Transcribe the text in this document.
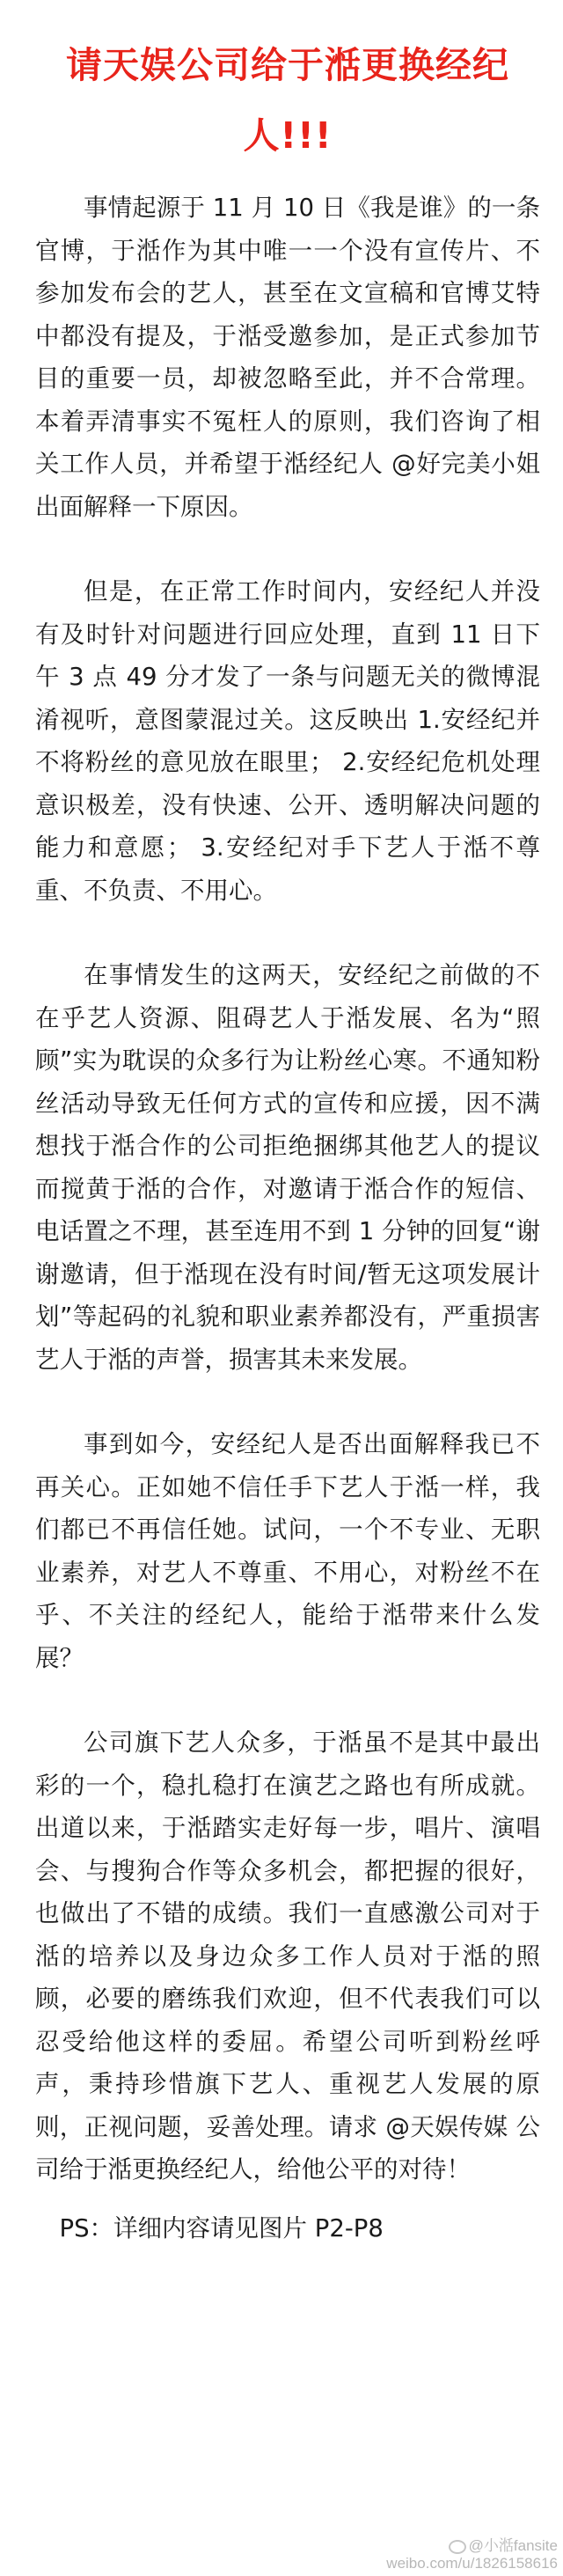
请天娱公司给于湉更换经纪
人!!!

事情起源于 11 月 10 日《我是谁》的一条官博，于湉作为其中唯一一个没有宣传片、不参加发布会的艺人，甚至在文宣稿和官博艾特中都没有提及，于湉受邀参加，是正式参加节目的重要一员，却被忽略至此，并不合常理。本着弄清事实不冤枉人的原则，我们咨询了相关工作人员，并希望于湉经纪人 @好完美小姐 出面解释一下原因。

但是，在正常工作时间内，安经纪人并没有及时针对问题进行回应处理，直到 11 日下午 3 点 49 分才发了一条与问题无关的微博混淆视听，意图蒙混过关。这反映出 1.安经纪并不将粉丝的意见放在眼里； 2.安经纪危机处理意识极差，没有快速、公开、透明解决问题的能力和意愿； 3.安经纪对手下艺人于湉不尊重、不负责、不用心。

在事情发生的这两天，安经纪之前做的不在乎艺人资源、阻碍艺人于湉发展、名为“照顾”实为耽误的众多行为让粉丝心寒。不通知粉丝活动导致无任何方式的宣传和应援，因不满想找于湉合作的公司拒绝捆绑其他艺人的提议而搅黄于湉的合作，对邀请于湉合作的短信、电话置之不理，甚至连用不到 1 分钟的回复“谢谢邀请，但于湉现在没有时间/暂无这项发展计划”等起码的礼貌和职业素养都没有，严重损害艺人于湉的声誉，损害其未来发展。

事到如今，安经纪人是否出面解释我已不再关心。正如她不信任手下艺人于湉一样，我们都已不再信任她。试问，一个不专业、无职业素养，对艺人不尊重、不用心，对粉丝不在乎、不关注的经纪人，能给于湉带来什么发展？

公司旗下艺人众多，于湉虽不是其中最出彩的一个，稳扎稳打在演艺之路也有所成就。出道以来，于湉踏实走好每一步，唱片、演唱会、与搜狗合作等众多机会，都把握的很好，也做出了不错的成绩。我们一直感激公司对于湉的培养以及身边众多工作人员对于湉的照顾，必要的磨练我们欢迎，但不代表我们可以忍受给他这样的委屈。希望公司听到粉丝呼声，秉持珍惜旗下艺人、重视艺人发展的原则，正视问题，妥善处理。请求 @天娱传媒 公司给于湉更换经纪人，给他公平的对待！

PS：详细内容请见图片 P2-P8
@小湉fansite
weibo.com/u/1826158616
